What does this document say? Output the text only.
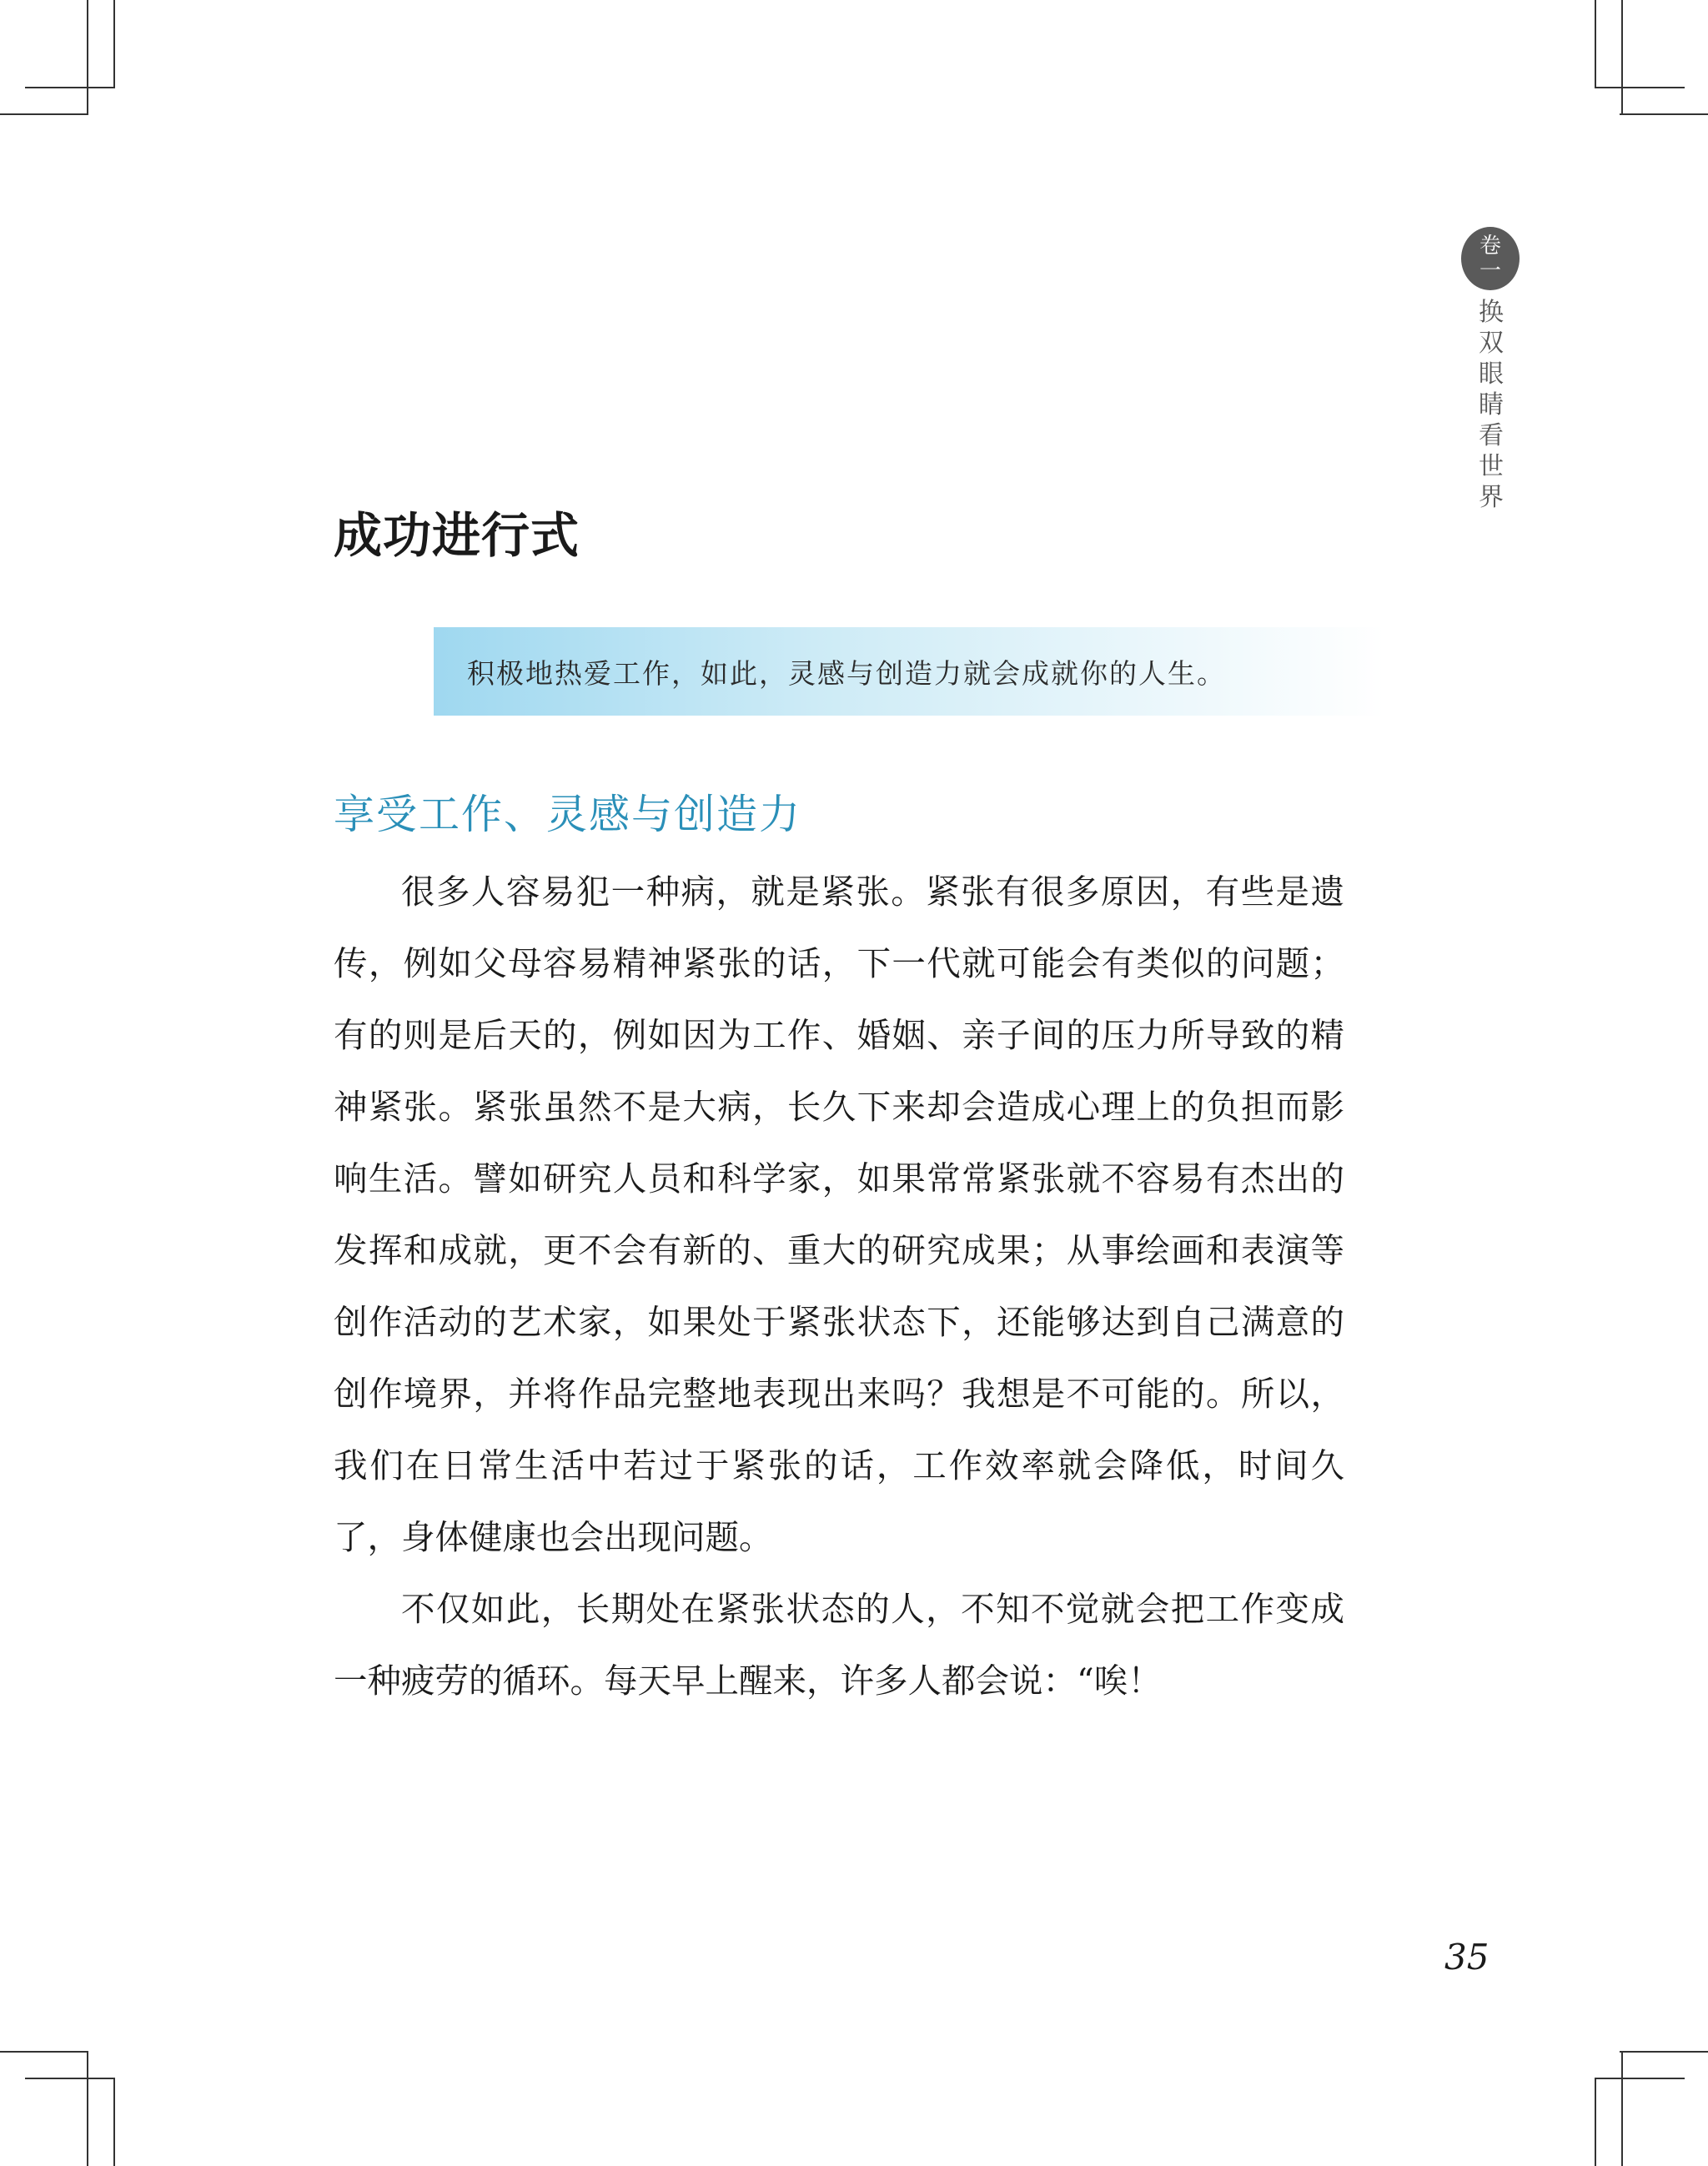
卷一
换双眼睛看世界
成功进行式
积极地热爱工作，如此，灵感与创造力就会成就你的人生。
享受工作、灵感与创造力

很多人容易犯一种病，就是紧张。紧张有很多原因，有些是遗传，例如父母容易精神紧张的话，下一代就可能会有类似的问题；有的则是后天的，例如因为工作、婚姻、亲子间的压力所导致的精神紧张。紧张虽然不是大病，长久下来却会造成心理上的负担而影响生活。譬如研究人员和科学家，如果常常紧张就不容易有杰出的发挥和成就，更不会有新的、重大的研究成果；从事绘画和表演等创作活动的艺术家，如果处于紧张状态下，还能够达到自己满意的创作境界，并将作品完整地表现出来吗？我想是不可能的。所以，我们在日常生活中若过于紧张的话，工作效率就会降低，时间久了，身体健康也会出现问题。

不仅如此，长期处在紧张状态的人，不知不觉就会把工作变成一种疲劳的循环。每天早上醒来，许多人都会说：“唉！

35
